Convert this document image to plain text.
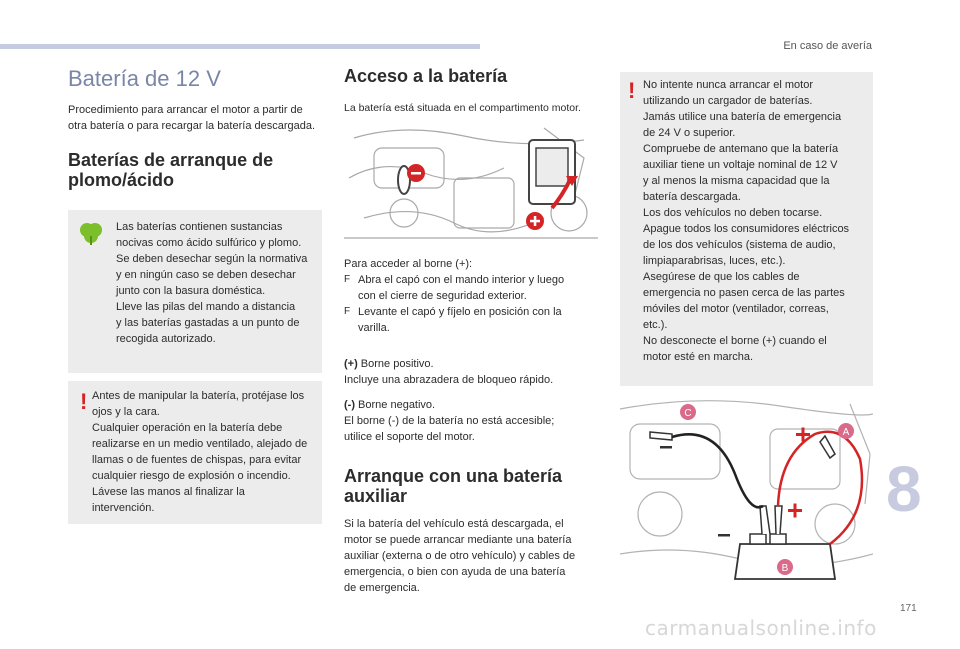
En caso de avería
8
171
carmanualsonline.info
Batería de 12 V

Procedimiento para arrancar el motor a partir de otra batería o para recargar la batería descargada.

Baterías de arranque de
plomo/ácido
Las baterías contienen sustancias
nocivas como ácido sulfúrico y plomo.
Se deben desechar según la normativa
y en ningún caso se deben desechar
junto con la basura doméstica.
Lleve las pilas del mando a distancia
y las baterías gastadas a un punto de
recogida autorizado.
! Antes de manipular la batería, protéjase los
ojos y la cara.
Cualquier operación en la batería debe
realizarse en un medio ventilado, alejado de
llamas o de fuentes de chispas, para evitar
cualquier riesgo de explosión o incendio.
Lávese las manos al finalizar la
intervención.
Acceso a la batería

La batería está situada en el compartimento motor.

Para acceder al borne (+):

F Abra el capó con el mando interior y luego
con el cierre de seguridad exterior.
F Levante el capó y fíjelo en posición con la
varilla.

(+) Borne positivo.

Incluye una abrazadera de bloqueo rápido.

(-) Borne negativo.

El borne (-) de la batería no está accesible;
utilice el soporte del motor.

Arranque con una batería
auxiliar

Si la batería del vehículo está descargada, el
motor se puede arrancar mediante una batería
auxiliar (externa o de otro vehículo) y cables de
emergencia, o bien con ayuda de una batería
de emergencia.

! No intente nunca arrancar el motor
utilizando un cargador de baterías.
Jamás utilice una batería de emergencia
de 24 V o superior.
Compruebe de antemano que la batería
auxiliar tiene un voltaje nominal de 12 V
y al menos la misma capacidad que la
batería descargada.
Los dos vehículos no deben tocarse.
Apague todos los consumidores eléctricos
de los dos vehículos (sistema de audio,
limpiaparabrisas, luces, etc.).
Asegúrese de que los cables de
emergencia no pasen cerca de las partes
móviles del motor (ventilador, correas,
etc.).
No desconecte el borne (+) cuando el
motor esté en marcha.
C
A
B
